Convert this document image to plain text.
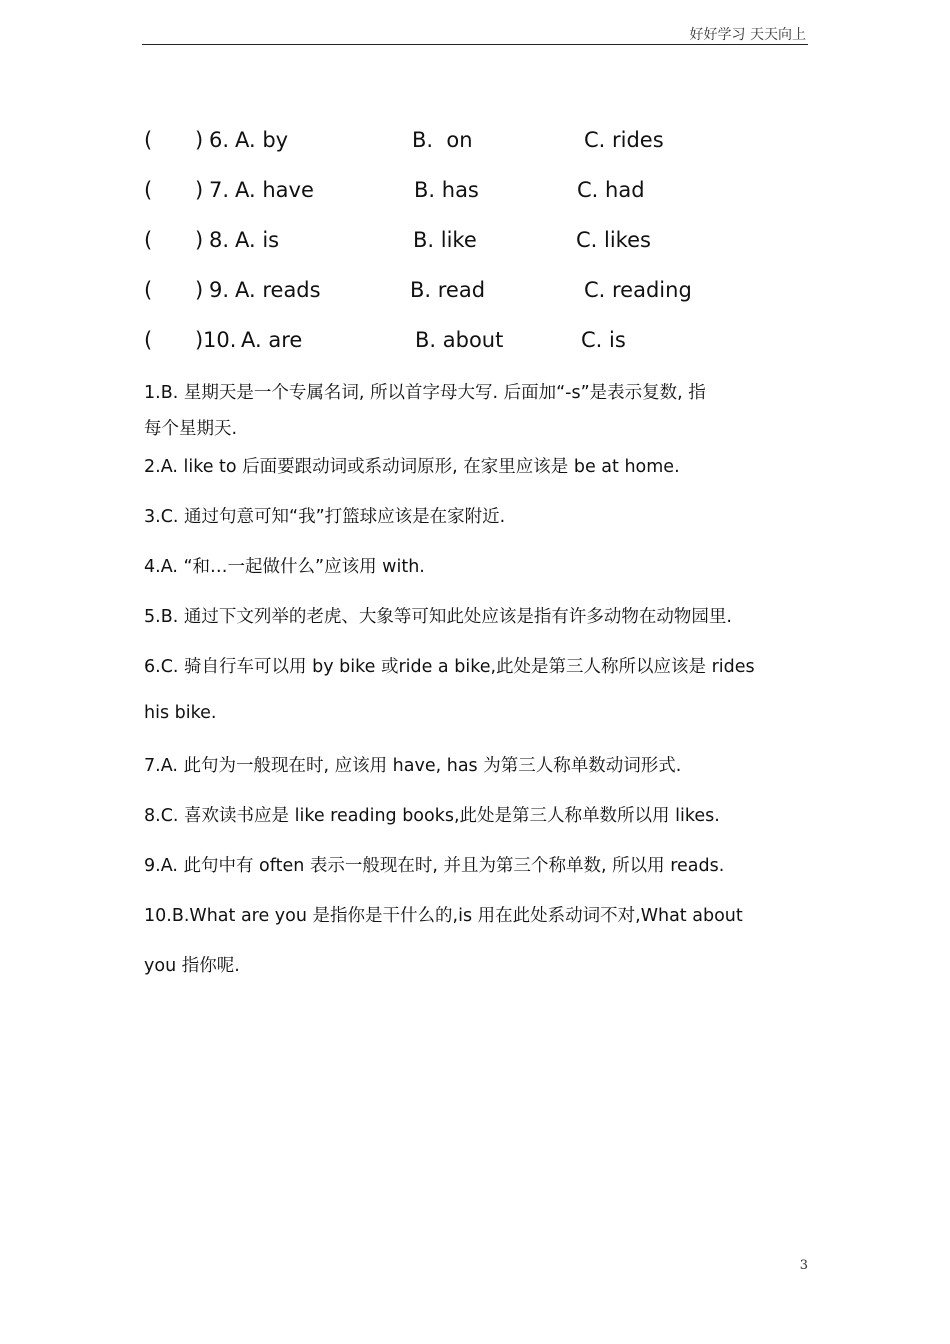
好好学习 天天向上
( ) 6. A. by	B.  on	C. rides
( ) 7. A. have	B. has	C. had
( ) 8. A. is	B. like	C. likes
( ) 9. A. reads	B. read	C. reading
( ) 10. A. are	B. about	C. is
1.B. 星期天是一个专属名词, 所以首字母大写. 后面加“-s”是表示复数, 指
每个星期天.
2.A. like to 后面要跟动词或系动词原形, 在家里应该是 be at home.
3.C. 通过句意可知“我”打篮球应该是在家附近.
4.A. “和…一起做什么”应该用 with.
5.B. 通过下文列举的老虎、大象等可知此处应该是指有许多动物在动物园里.
6.C. 骑自行车可以用 by bike 或ride a bike,此处是第三人称所以应该是 rides
his bike.
7.A. 此句为一般现在时, 应该用 have, has 为第三人称单数动词形式.
8.C. 喜欢读书应是 like reading books,此处是第三人称单数所以用 likes.
9.A. 此句中有 often 表示一般现在时, 并且为第三个称单数, 所以用 reads.
10.B.What are you 是指你是干什么的,is 用在此处系动词不对,What about
you 指你呢.
3
